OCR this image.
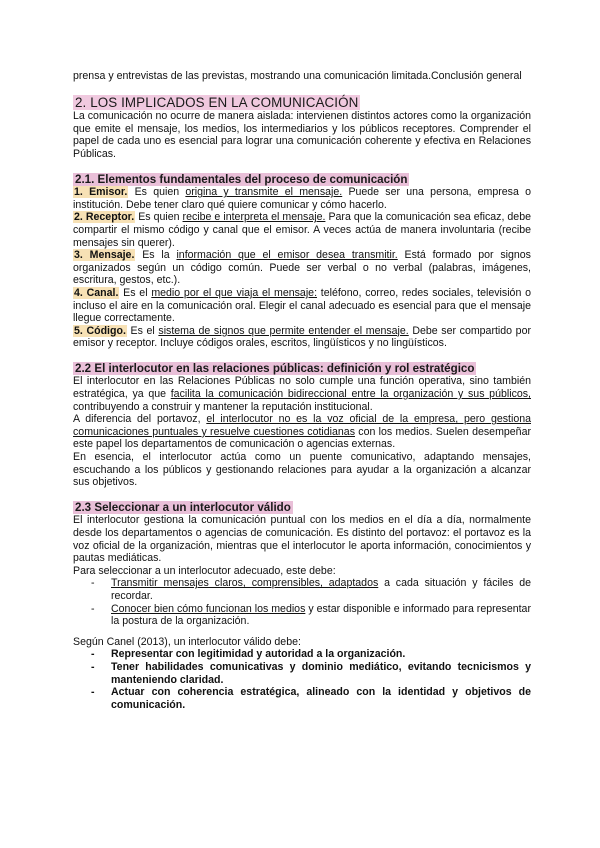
prensa y entrevistas de las previstas, mostrando una comunicación limitada.Conclusión general

2. LOS IMPLICADOS EN LA COMUNICACIÓN

La comunicación no ocurre de manera aislada: intervienen distintos actores como la organización que emite el mensaje, los medios, los intermediarios y los públicos receptores. Comprender el papel de cada uno es esencial para lograr una comunicación coherente y efectiva en Relaciones Públicas.

2.1. Elementos fundamentales del proceso de comunicación

1. Emisor. Es quien origina y transmite el mensaje. Puede ser una persona, empresa o institución. Debe tener claro qué quiere comunicar y cómo hacerlo.

2. Receptor. Es quien recibe e interpreta el mensaje. Para que la comunicación sea eficaz, debe compartir el mismo código y canal que el emisor. A veces actúa de manera involuntaria (recibe mensajes sin querer).

3. Mensaje. Es la información que el emisor desea transmitir. Está formado por signos organizados según un código común. Puede ser verbal o no verbal (palabras, imágenes, escritura, gestos, etc.).

4. Canal. Es el medio por el que viaja el mensaje: teléfono, correo, redes sociales, televisión o incluso el aire en la comunicación oral. Elegir el canal adecuado es esencial para que el mensaje llegue correctamente.

5. Código. Es el sistema de signos que permite entender el mensaje. Debe ser compartido por emisor y receptor. Incluye códigos orales, escritos, lingüísticos y no lingüísticos.

2.2 El interlocutor en las relaciones públicas: definición y rol estratégico

El interlocutor en las Relaciones Públicas no solo cumple una función operativa, sino también estratégica, ya que facilita la comunicación bidireccional entre la organización y sus públicos, contribuyendo a construir y mantener la reputación institucional.

A diferencia del portavoz, el interlocutor no es la voz oficial de la empresa, pero gestiona comunicaciones puntuales y resuelve cuestiones cotidianas con los medios. Suelen desempeñar este papel los departamentos de comunicación o agencias externas.

En esencia, el interlocutor actúa como un puente comunicativo, adaptando mensajes, escuchando a los públicos y gestionando relaciones para ayudar a la organización a alcanzar sus objetivos.

2.3 Seleccionar a un interlocutor válido

El interlocutor gestiona la comunicación puntual con los medios en el día a día, normalmente desde los departamentos o agencias de comunicación. Es distinto del portavoz: el portavoz es la voz oficial de la organización, mientras que el interlocutor le aporta información, conocimientos y pautas mediáticas.

Para seleccionar a un interlocutor adecuado, este debe:

- Transmitir mensajes claros, comprensibles, adaptados a cada situación y fáciles de recordar.
- Conocer bien cómo funcionan los medios y estar disponible e informado para representar la postura de la organización.

Según Canel (2013), un interlocutor válido debe:

- Representar con legitimidad y autoridad a la organización.
- Tener habilidades comunicativas y dominio mediático, evitando tecnicismos y manteniendo claridad.
- Actuar con coherencia estratégica, alineado con la identidad y objetivos de comunicación.
